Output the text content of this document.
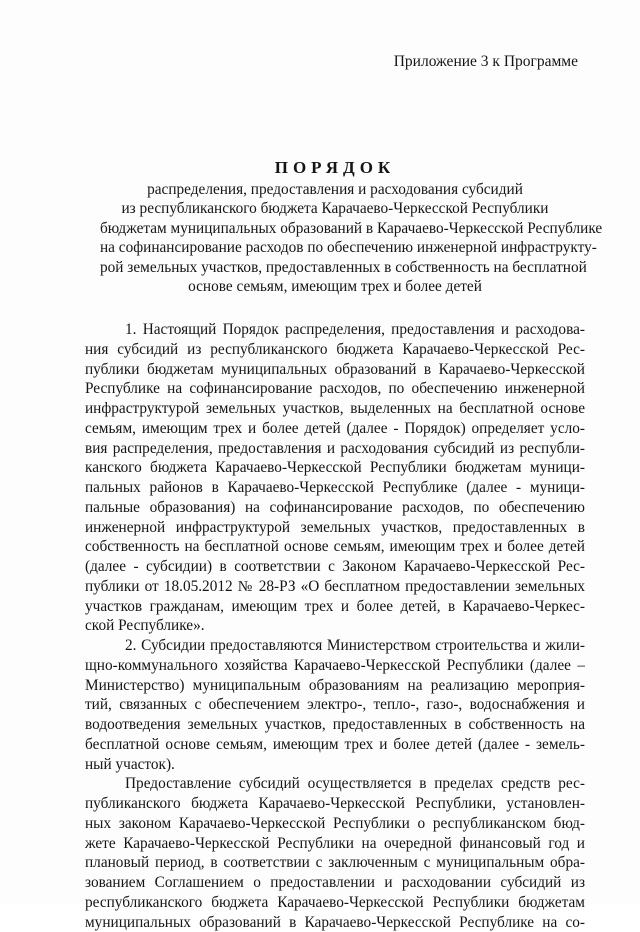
Приложение 3 к Программе
ПОРЯДОК
распределения, предоставления и расходования субсидий
из республиканского бюджета Карачаево-Черкесской Республики
бюджетам муниципальных образований в Карачаево-Черкесской Республике
на софинансирование расходов по обеспечению инженерной инфраструкту-
рой земельных участков, предоставленных в собственность на бесплатной
основе семьям, имеющим трех и более детей
1. Настоящий Порядок распределения, предоставления и расходова-
ния субсидий из республиканского бюджета Карачаево-Черкесской Рес-
публики бюджетам муниципальных образований в Карачаево-Черкесской
Республике на софинансирование расходов, по обеспечению инженерной
инфраструктурой земельных участков, выделенных на бесплатной основе
семьям, имеющим трех и более детей (далее - Порядок) определяет усло-
вия распределения, предоставления и расходования субсидий из республи-
канского бюджета Карачаево-Черкесской Республики бюджетам муници-
пальных районов в Карачаево-Черкесской Республике (далее - муници-
пальные образования) на софинансирование расходов, по обеспечению
инженерной инфраструктурой земельных участков, предоставленных в
собственность на бесплатной основе семьям, имеющим трех и более детей
(далее - субсидии) в соответствии с Законом Карачаево-Черкесской Рес-
публики от 18.05.2012 № 28-РЗ «О бесплатном предоставлении земельных
участков гражданам, имеющим трех и более детей, в Карачаево-Черкес-
ской Республике».
2. Субсидии предоставляются Министерством строительства и жили-
щно-коммунального хозяйства Карачаево-Черкесской Республики (далее –
Министерство) муниципальным образованиям на реализацию мероприя-
тий, связанных с обеспечением электро-, тепло-, газо-, водоснабжения и
водоотведения земельных участков, предоставленных в собственность на
бесплатной основе семьям, имеющим трех и более детей (далее - земель-
ный участок).
Предоставление субсидий осуществляется в пределах средств рес-
публиканского бюджета Карачаево-Черкесской Республики, установлен-
ных законом Карачаево-Черкесской Республики о республиканском бюд-
жете Карачаево-Черкесской Республики на очередной финансовый год и
плановый период, в соответствии с заключенным с муниципальным обра-
зованием Соглашением о предоставлении и расходовании субсидий из
республиканского бюджета Карачаево-Черкесской Республики бюджетам
муниципальных образований в Карачаево-Черкесской Республике на со-
